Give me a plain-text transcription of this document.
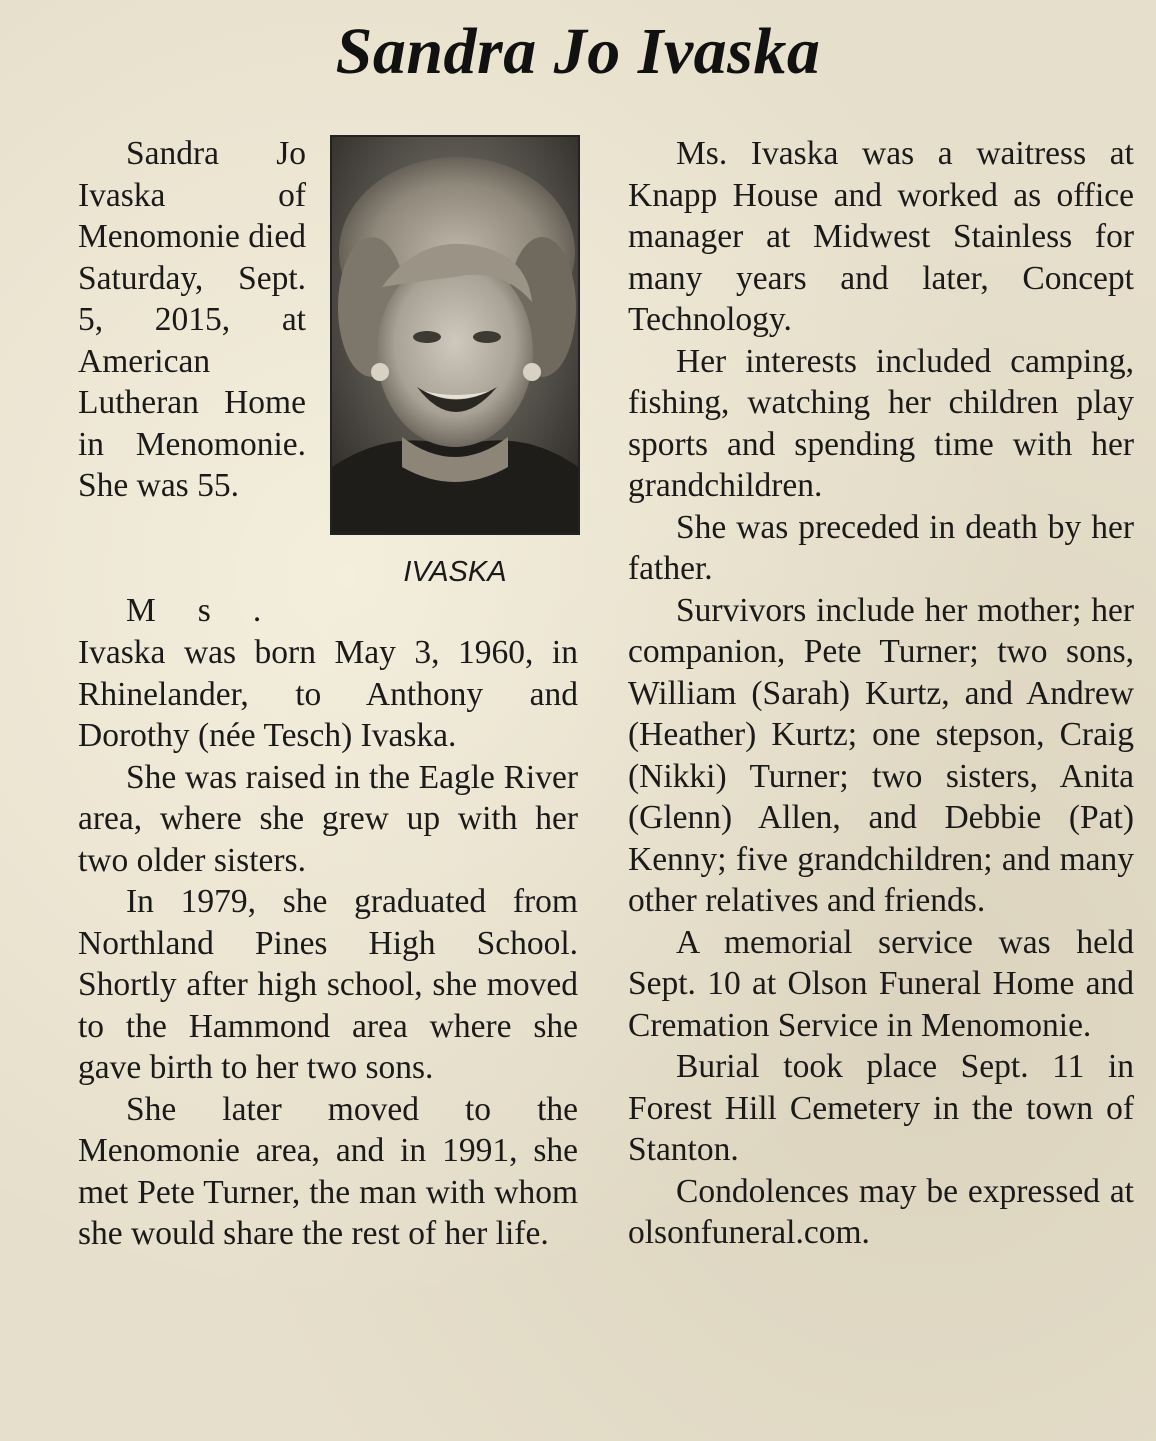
Sandra Jo Ivaska

Sandra Jo Ivaska of Menomonie died Saturday, Sept. 5, 2015, at American Lutheran Home in Menomonie. She was 55.

IVASKA
Ms.

Ivaska was born May 3, 1960, in Rhinelander, to Anthony and Dorothy (née Tesch) Ivaska.

She was raised in the Eagle River area, where she grew up with her two older sisters.

In 1979, she graduated from Northland Pines High School. Shortly after high school, she moved to the Hammond area where she gave birth to her two sons.

She later moved to the Menomonie area, and in 1991, she met Pete Turner, the man with whom she would share the rest of her life.

Ms. Ivaska was a waitress at Knapp House and worked as office manager at Midwest Stainless for many years and later, Concept Technology.

Her interests included camping, fishing, watching her children play sports and spending time with her grandchildren.

She was preceded in death by her father.

Survivors include her mother; her companion, Pete Turner; two sons, William (Sarah) Kurtz, and Andrew (Heather) Kurtz; one stepson, Craig (Nikki) Turner; two sisters, Anita (Glenn) Allen, and Debbie (Pat) Kenny; five grandchildren; and many other relatives and friends.

A memorial service was held Sept. 10 at Olson Funeral Home and Cremation Service in Menomonie.

Burial took place Sept. 11 in Forest Hill Cemetery in the town of Stanton.

Condolences may be expressed at olsonfuneral.com.
